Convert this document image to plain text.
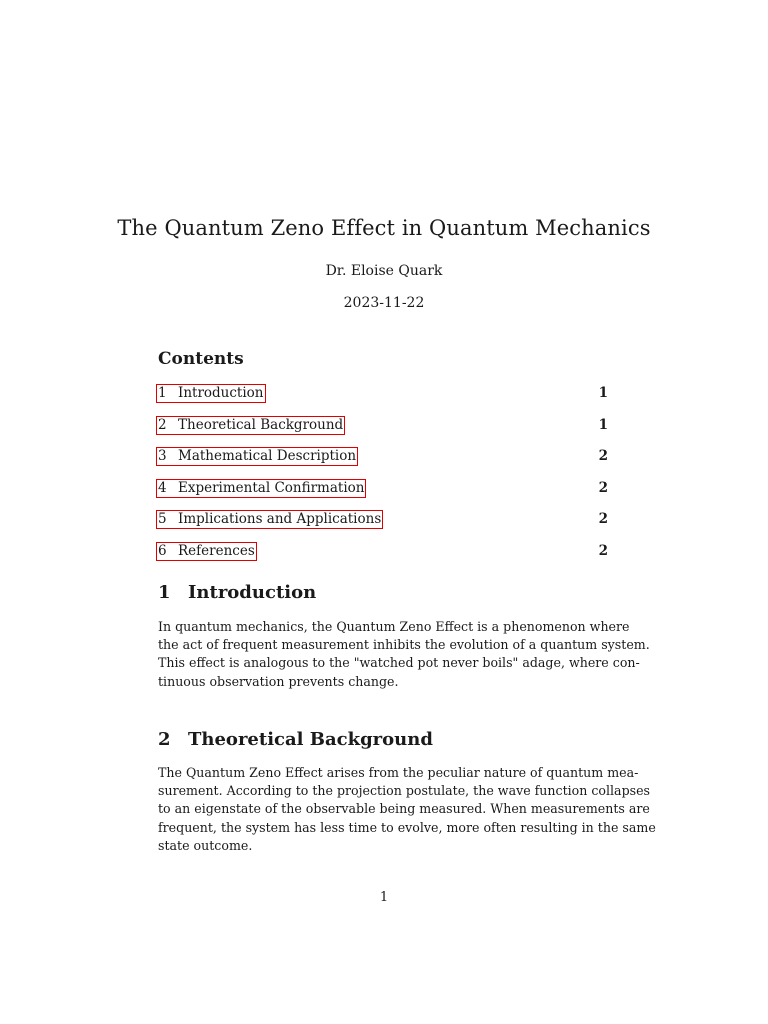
The Quantum Zeno Effect in Quantum Mechanics
Dr. Eloise Quark
2023-11-22
Contents
1 Introduction	1
2 Theoretical Background	1
3 Mathematical Description	2
4 Experimental Confirmation	2
5 Implications and Applications	2
6 References	2
1 Introduction
In quantum mechanics, the Quantum Zeno Effect is a phenomenon where
the act of frequent measurement inhibits the evolution of a quantum system.
This effect is analogous to the "watched pot never boils" adage, where con-
tinuous observation prevents change.
2 Theoretical Background
The Quantum Zeno Effect arises from the peculiar nature of quantum mea-
surement. According to the projection postulate, the wave function collapses
to an eigenstate of the observable being measured. When measurements are
frequent, the system has less time to evolve, more often resulting in the same
state outcome.
1
